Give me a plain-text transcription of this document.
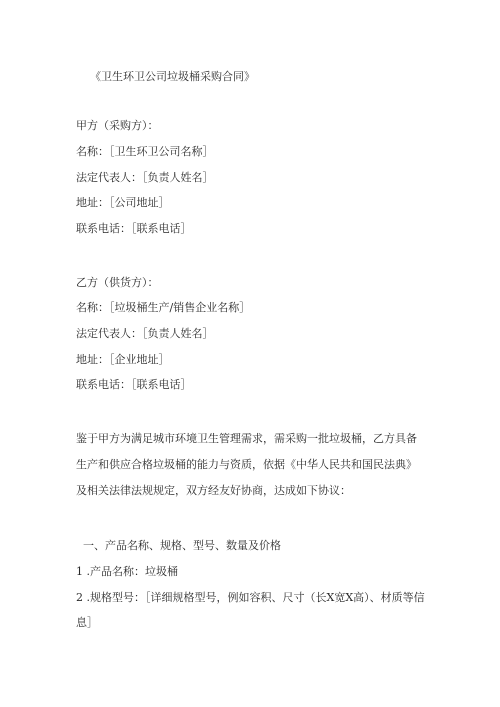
《卫生环卫公司垃圾桶采购合同》
甲方（采购方）：
名称：［卫生环卫公司名称］
法定代表人：［负责人姓名］
地址：［公司地址］
联系电话：［联系电话］
乙方（供货方）：
名称：［垃圾桶生产/销售企业名称］
法定代表人：［负责人姓名］
地址：［企业地址］
联系电话：［联系电话］
鉴于甲方为满足城市环境卫生管理需求，需采购一批垃圾桶，乙方具备生产和供应合格垃圾桶的能力与资质，依据《中华人民共和国民法典》及相关法律法规规定，双方经友好协商，达成如下协议：
一、产品名称、规格、型号、数量及价格
1 .产品名称：垃圾桶
2 .规格型号：［详细规格型号，例如容积、尺寸（长X宽X高）、材质等信
息］
